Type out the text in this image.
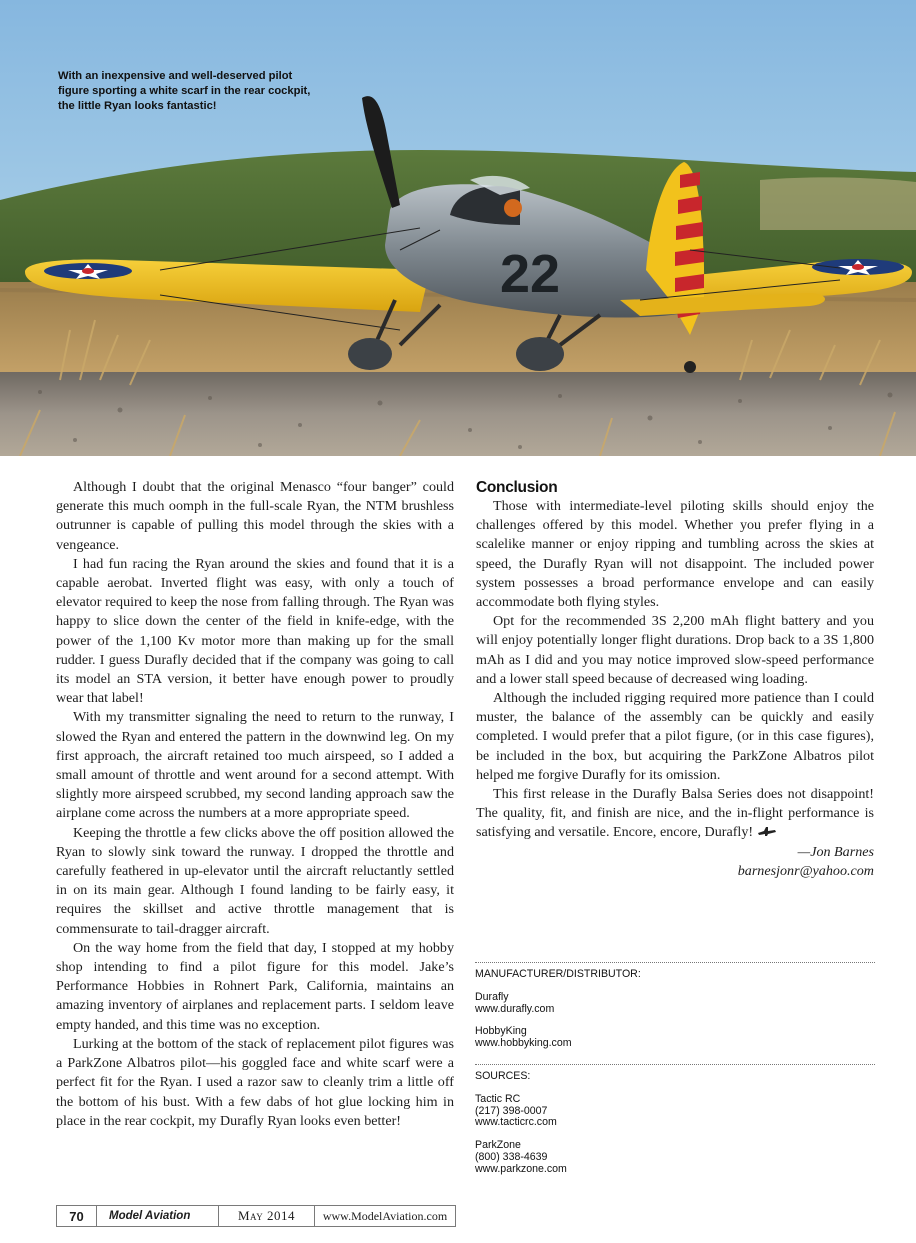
22
With an inexpensive and well-deserved pilot figure sporting a white scarf in the rear cockpit, the little Ryan looks fantastic!

Although I doubt that the original Menasco “four banger” could generate this much oomph in the full-scale Ryan, the NTM brushless outrunner is capable of pulling this model through the skies with a vengeance.

I had fun racing the Ryan around the skies and found that it is a capable aerobat. Inverted flight was easy, with only a touch of elevator required to keep the nose from falling through. The Ryan was happy to slice down the center of the field in knife-edge, with the power of the 1,100 Kv motor more than making up for the small rudder. I guess Durafly decided that if the company was going to call its model an STA version, it better have enough power to proudly wear that label!

With my transmitter signaling the need to return to the runway, I slowed the Ryan and entered the pattern in the downwind leg. On my first approach, the aircraft retained too much airspeed, so I added a small amount of throttle and went around for a second attempt. With slightly more airspeed scrubbed, my second landing approach saw the airplane come across the numbers at a more appropriate speed.

Keeping the throttle a few clicks above the off position allowed the Ryan to slowly sink toward the runway. I dropped the throttle and carefully feathered in up-elevator until the aircraft reluctantly settled in on its main gear. Although I found landing to be fairly easy, it requires the skillset and active throttle management that is commensurate to tail-dragger aircraft.

On the way home from the field that day, I stopped at my hobby shop intending to find a pilot figure for this model. Jake’s Performance Hobbies in Rohnert Park, California, maintains an amazing inventory of airplanes and replacement parts. I seldom leave empty handed, and this time was no exception.

Lurking at the bottom of the stack of replacement pilot figures was a ParkZone Albatros pilot—his goggled face and white scarf were a perfect fit for the Ryan. I used a razor saw to cleanly trim a little off the bottom of his bust. With a few dabs of hot glue locking him in place in the rear cockpit, my Durafly Ryan looks even better!

Conclusion

Those with intermediate-level piloting skills should enjoy the challenges offered by this model. Whether you prefer flying in a scalelike manner or enjoy ripping and tumbling across the skies at speed, the Durafly Ryan will not disappoint. The included power system possesses a broad performance envelope and can easily accommodate both flying styles.

Opt for the recommended 3S 2,200 mAh flight battery and you will enjoy potentially longer flight durations. Drop back to a 3S 1,800 mAh as I did and you may notice improved slow-speed performance and a lower stall speed because of decreased wing loading.

Although the included rigging required more patience than I could muster, the balance of the assembly can be quickly and easily completed. I would prefer that a pilot figure, (or in this case figures), be included in the box, but acquiring the ParkZone Albatros pilot helped me forgive Durafly for its omission.

This first release in the Durafly Balsa Series does not disappoint! The quality, fit, and finish are nice, and the in-flight performance is satisfying and versatile. Encore, encore, Durafly!

—Jon Barnes

barnesjonr@yahoo.com

MANUFACTURER/DISTRIBUTOR:
Durafly
www.durafly.com
HobbyKing
www.hobbyking.com
SOURCES:
Tactic RC
(217) 398-0007
www.tacticrc.com
ParkZone
(800) 338-4639
www.parkzone.com
70	Model Aviation	May 2014	www.ModelAviation.com
